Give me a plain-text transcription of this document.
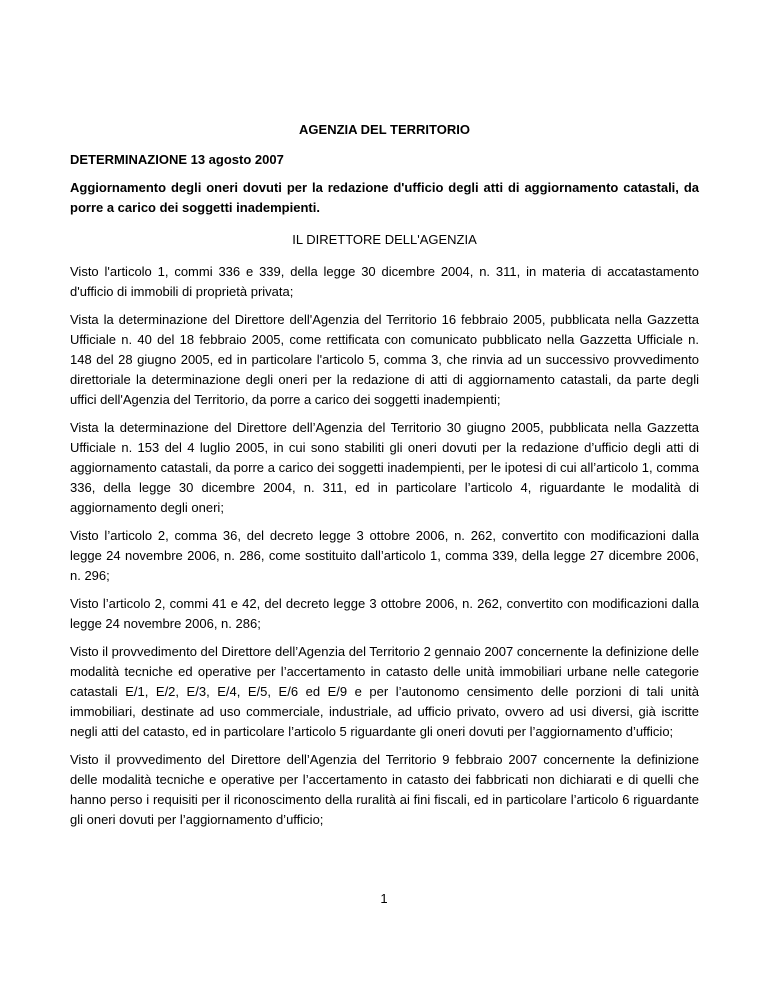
AGENZIA DEL TERRITORIO
DETERMINAZIONE 13 agosto 2007
Aggiornamento degli oneri dovuti per la redazione d'ufficio degli atti di aggiornamento catastali, da porre a carico dei soggetti inadempienti.
IL DIRETTORE DELL'AGENZIA

Visto l'articolo 1, commi 336 e 339, della legge 30 dicembre 2004, n. 311, in materia di accatastamento d'ufficio di immobili di proprietà privata;

Vista la determinazione del Direttore dell'Agenzia del Territorio 16 febbraio 2005, pubblicata nella Gazzetta Ufficiale n. 40 del 18 febbraio 2005, come rettificata con comunicato pubblicato nella Gazzetta Ufficiale n. 148 del 28 giugno 2005, ed in particolare l'articolo 5, comma 3, che rinvia ad un successivo provvedimento direttoriale la determinazione degli oneri per la redazione di atti di aggiornamento catastali, da parte degli uffici dell'Agenzia del Territorio, da porre a carico dei soggetti inadempienti;

Vista la determinazione del Direttore dell’Agenzia del Territorio 30 giugno 2005, pubblicata nella Gazzetta Ufficiale n. 153 del 4 luglio 2005, in cui sono stabiliti gli oneri dovuti per la redazione d’ufficio degli atti di aggiornamento catastali, da porre a carico dei soggetti inadempienti, per le ipotesi di cui all’articolo 1, comma 336, della legge 30 dicembre 2004, n. 311, ed in particolare l’articolo 4, riguardante le modalità di aggiornamento degli oneri;

Visto l’articolo 2, comma 36, del decreto legge 3 ottobre 2006, n. 262, convertito con modificazioni dalla legge 24 novembre 2006, n. 286, come sostituito dall’articolo 1, comma 339, della legge 27 dicembre 2006, n. 296;

Visto l’articolo 2, commi 41 e 42, del decreto legge 3 ottobre 2006, n. 262, convertito con modificazioni dalla legge 24 novembre 2006, n. 286;

Visto il provvedimento del Direttore dell’Agenzia del Territorio 2 gennaio 2007 concernente la definizione delle modalità tecniche ed operative per l’accertamento in catasto delle unità immobiliari urbane nelle categorie catastali E/1, E/2, E/3, E/4, E/5, E/6 ed E/9 e per l’autonomo censimento delle porzioni di tali unità immobiliari, destinate ad uso commerciale, industriale, ad ufficio privato, ovvero ad usi diversi, già iscritte negli atti del catasto, ed in particolare l’articolo 5 riguardante gli oneri dovuti per l’aggiornamento d’ufficio;

Visto il provvedimento del Direttore dell’Agenzia del Territorio 9 febbraio 2007 concernente la definizione delle modalità tecniche e operative per l’accertamento in catasto dei fabbricati non dichiarati e di quelli che hanno perso i requisiti per il riconoscimento della ruralità ai fini fiscali, ed in particolare l’articolo 6 riguardante gli oneri dovuti per l’aggiornamento d’ufficio;

1
